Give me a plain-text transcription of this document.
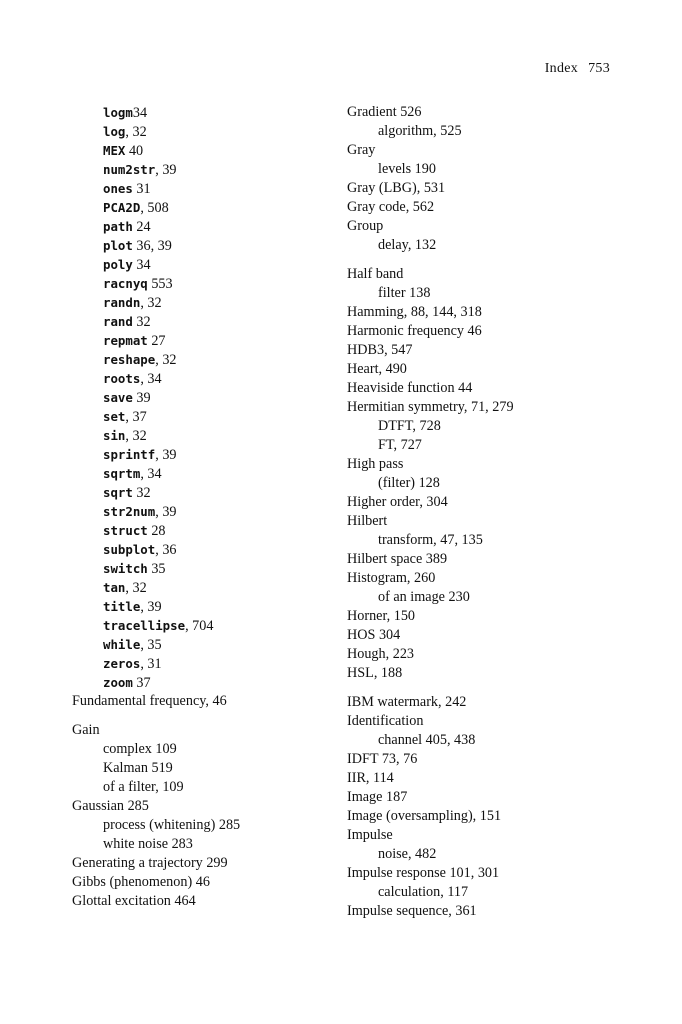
Index 753
logm34
log, 32
MEX 40
num2str, 39
ones 31
PCA2D, 508
path 24
plot 36, 39
poly 34
racnyq 553
randn, 32
rand 32
repmat 27
reshape, 32
roots, 34
save 39
set, 37
sin, 32
sprintf, 39
sqrtm, 34
sqrt 32
str2num, 39
struct 28
subplot, 36
switch 35
tan, 32
title, 39
tracellipse, 704
while, 35
zeros, 31
zoom 37
Fundamental frequency, 46
Gain
complex 109
Kalman 519
of a filter, 109
Gaussian 285
process (whitening) 285
white noise 283
Generating a trajectory 299
Gibbs (phenomenon) 46
Glottal excitation 464
Gradient 526
algorithm, 525
Gray
levels 190
Gray (LBG), 531
Gray code, 562
Group
delay, 132
Half band
filter 138
Hamming, 88, 144, 318
Harmonic frequency 46
HDB3, 547
Heart, 490
Heaviside function 44
Hermitian symmetry, 71, 279
DTFT, 728
FT, 727
High pass
(filter) 128
Higher order, 304
Hilbert
transform, 47, 135
Hilbert space 389
Histogram, 260
of an image 230
Horner, 150
HOS 304
Hough, 223
HSL, 188
IBM watermark, 242
Identification
channel 405, 438
IDFT 73, 76
IIR, 114
Image 187
Image (oversampling), 151
Impulse
noise, 482
Impulse response 101, 301
calculation, 117
Impulse sequence, 361
